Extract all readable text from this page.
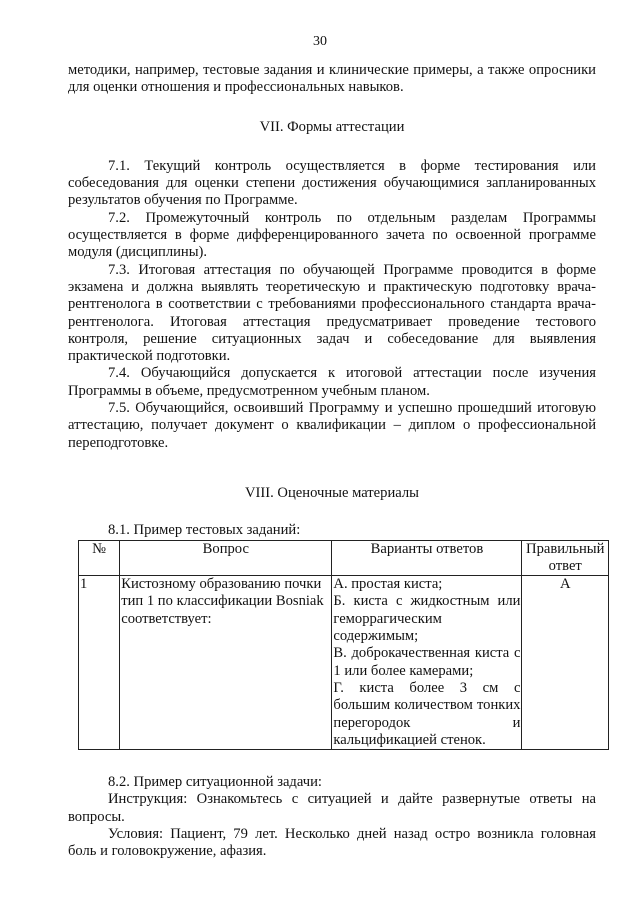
30

методики, например, тестовые задания и клинические примеры, а также опросники для оценки отношения и профессиональных навыков.

VII. Формы аттестации

7.1. Текущий контроль осуществляется в форме тестирования или собеседования для оценки степени достижения обучающимися запланированных результатов обучения по Программе.

7.2. Промежуточный контроль по отдельным разделам Программы осуществляется в форме дифференцированного зачета по освоенной программе модуля (дисциплины).

7.3. Итоговая аттестация по обучающей Программе проводится в форме экзамена и должна выявлять теоретическую и практическую подготовку врача-рентгенолога в соответствии с требованиями профессионального стандарта врача-рентгенолога. Итоговая аттестация предусматривает проведение тестового контроля, решение ситуационных задач и собеседование для выявления практической подготовки.

7.4. Обучающийся допускается к итоговой аттестации после изучения Программы в объеме, предусмотренном учебным планом.

7.5. Обучающийся, освоивший Программу и успешно прошедший итоговую аттестацию, получает документ о квалификации – диплом о профессиональной переподготовке.

VIII. Оценочные материалы

8.1. Пример тестовых заданий:

№	Вопрос	Варианты ответов	Правильный ответ
1	Кистозному образованию почки тип 1 по классификации Bosniak соответствует:	А. простая киста;
Б. киста с жидкостным или геморрагическим содержимым;
В. доброкачественная киста с 1 или более камерами;
Г. киста более 3 см с большим количеством тонких перегородок и кальцификацией стенок.	А

8.2. Пример ситуационной задачи:

Инструкция: Ознакомьтесь с ситуацией и дайте развернутые ответы на вопросы.

Условия: Пациент, 79 лет. Несколько дней назад остро возникла головная боль и головокружение, афазия.
